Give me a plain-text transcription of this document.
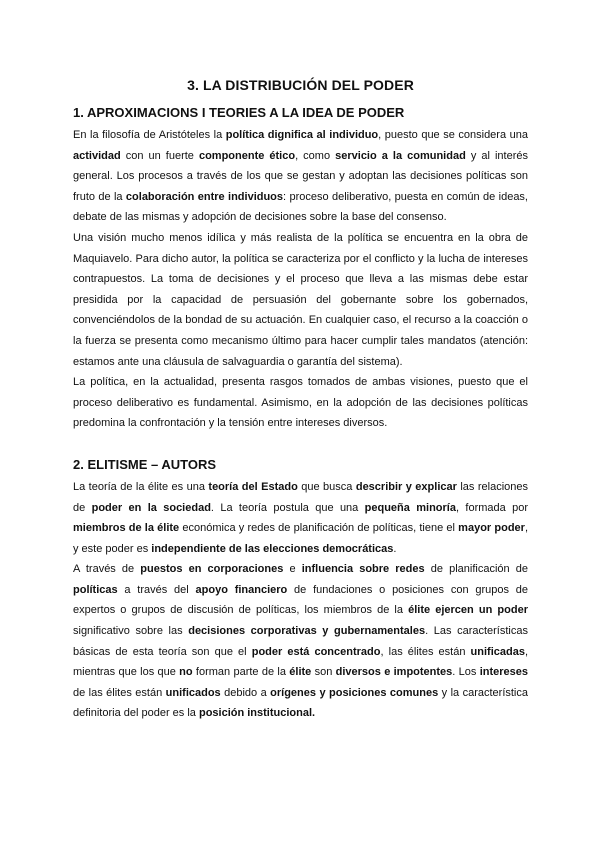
3. LA DISTRIBUCIÓN DEL PODER
1. APROXIMACIONS I TEORIES A LA IDEA DE PODER

En la filosofía de Aristóteles la política dignifica al individuo, puesto que se considera una actividad con un fuerte componente ético, como servicio a la comunidad y al interés general. Los procesos a través de los que se gestan y adoptan las decisiones políticas son fruto de la colaboración entre individuos: proceso deliberativo, puesta en común de ideas, debate de las mismas y adopción de decisiones sobre la base del consenso.

Una visión mucho menos idílica y más realista de la política se encuentra en la obra de Maquiavelo. Para dicho autor, la política se caracteriza por el conflicto y la lucha de intereses contrapuestos. La toma de decisiones y el proceso que lleva a las mismas debe estar presidida por la capacidad de persuasión del gobernante sobre los gobernados, convenciéndolos de la bondad de su actuación. En cualquier caso, el recurso a la coacción o la fuerza se presenta como mecanismo último para hacer cumplir tales mandatos (atención: estamos ante una cláusula de salvaguardia o garantía del sistema).

La política, en la actualidad, presenta rasgos tomados de ambas visiones, puesto que el proceso deliberativo es fundamental. Asimismo, en la adopción de las decisiones políticas predomina la confrontación y la tensión entre intereses diversos.

2. ELITISME – AUTORS

La teoría de la élite es una teoría del Estado que busca describir y explicar las relaciones de poder en la sociedad. La teoría postula que una pequeña minoría, formada por miembros de la élite económica y redes de planificación de políticas, tiene el mayor poder, y este poder es independiente de las elecciones democráticas.

A través de puestos en corporaciones e influencia sobre redes de planificación de políticas a través del apoyo financiero de fundaciones o posiciones con grupos de expertos o grupos de discusión de políticas, los miembros de la élite ejercen un poder significativo sobre las decisiones corporativas y gubernamentales. Las características básicas de esta teoría son que el poder está concentrado, las élites están unificadas, mientras que los que no forman parte de la élite son diversos e impotentes. Los intereses de las élites están unificados debido a orígenes y posiciones comunes y la característica definitoria del poder es la posición institucional.
